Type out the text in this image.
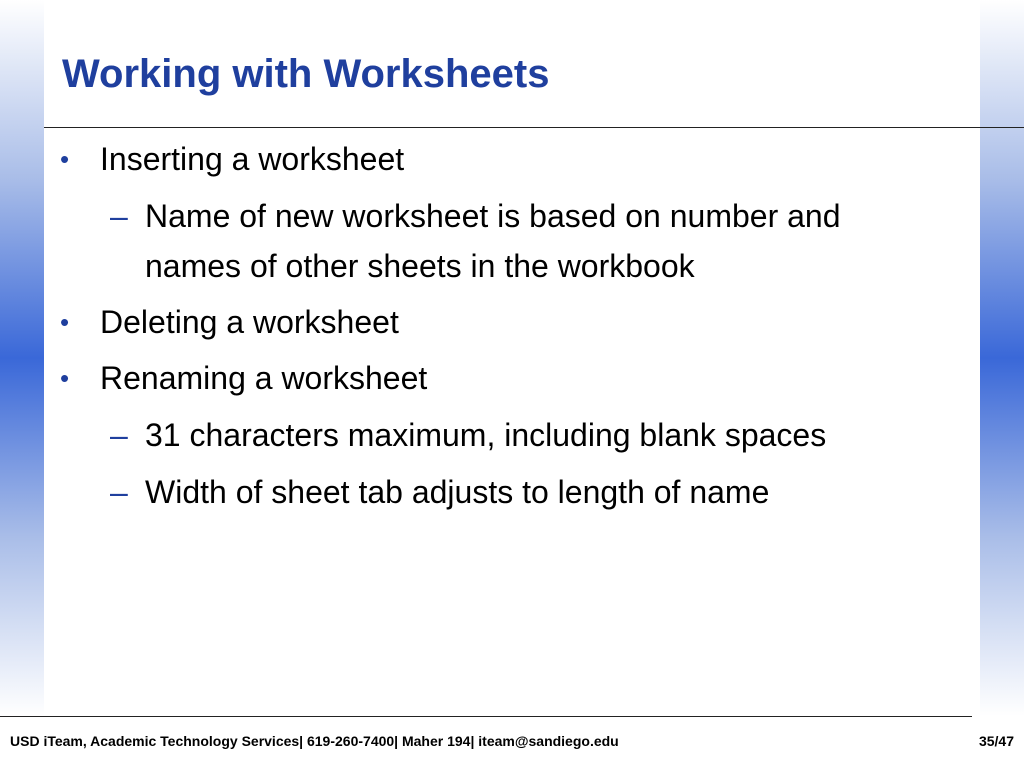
Working with Worksheets
• Inserting a worksheet
– Name of new worksheet is based on number and names of other sheets in the workbook
• Deleting a worksheet
• Renaming a worksheet
– 31 characters maximum, including blank spaces
– Width of sheet tab adjusts to length of name
USD iTeam, Academic Technology Services| 619-260-7400| Maher 194| iteam@sandiego.edu	35/47
